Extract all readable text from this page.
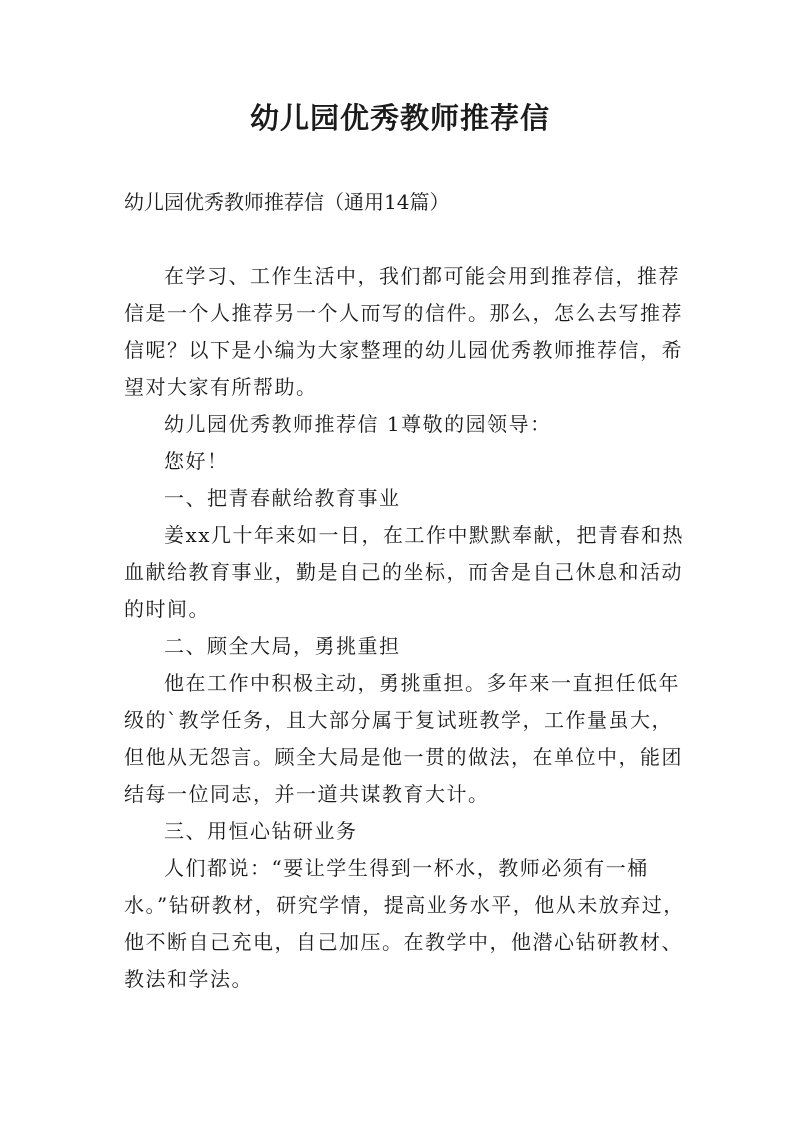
幼儿园优秀教师推荐信

幼儿园优秀教师推荐信（通用14篇）

在学习、工作生活中，我们都可能会用到推荐信，推荐信是一个人推荐另一个人而写的信件。那么，怎么去写推荐信呢？以下是小编为大家整理的幼儿园优秀教师推荐信，希望对大家有所帮助。

幼儿园优秀教师推荐信 1尊敬的园领导：

您好！

一、把青春献给教育事业

姜xx几十年来如一日，在工作中默默奉献，把青春和热血献给教育事业，勤是自己的坐标，而舍是自己休息和活动的时间。

二、顾全大局，勇挑重担

他在工作中积极主动，勇挑重担。多年来一直担任低年级的`教学任务，且大部分属于复试班教学，工作量虽大，但他从无怨言。顾全大局是他一贯的做法，在单位中，能团结每一位同志，并一道共谋教育大计。

三、用恒心钻研业务

人们都说：“要让学生得到一杯水，教师必须有一桶水。”钻研教材，研究学情，提高业务水平，他从未放弃过，他不断自己充电，自己加压。在教学中，他潜心钻研教材、教法和学法。
